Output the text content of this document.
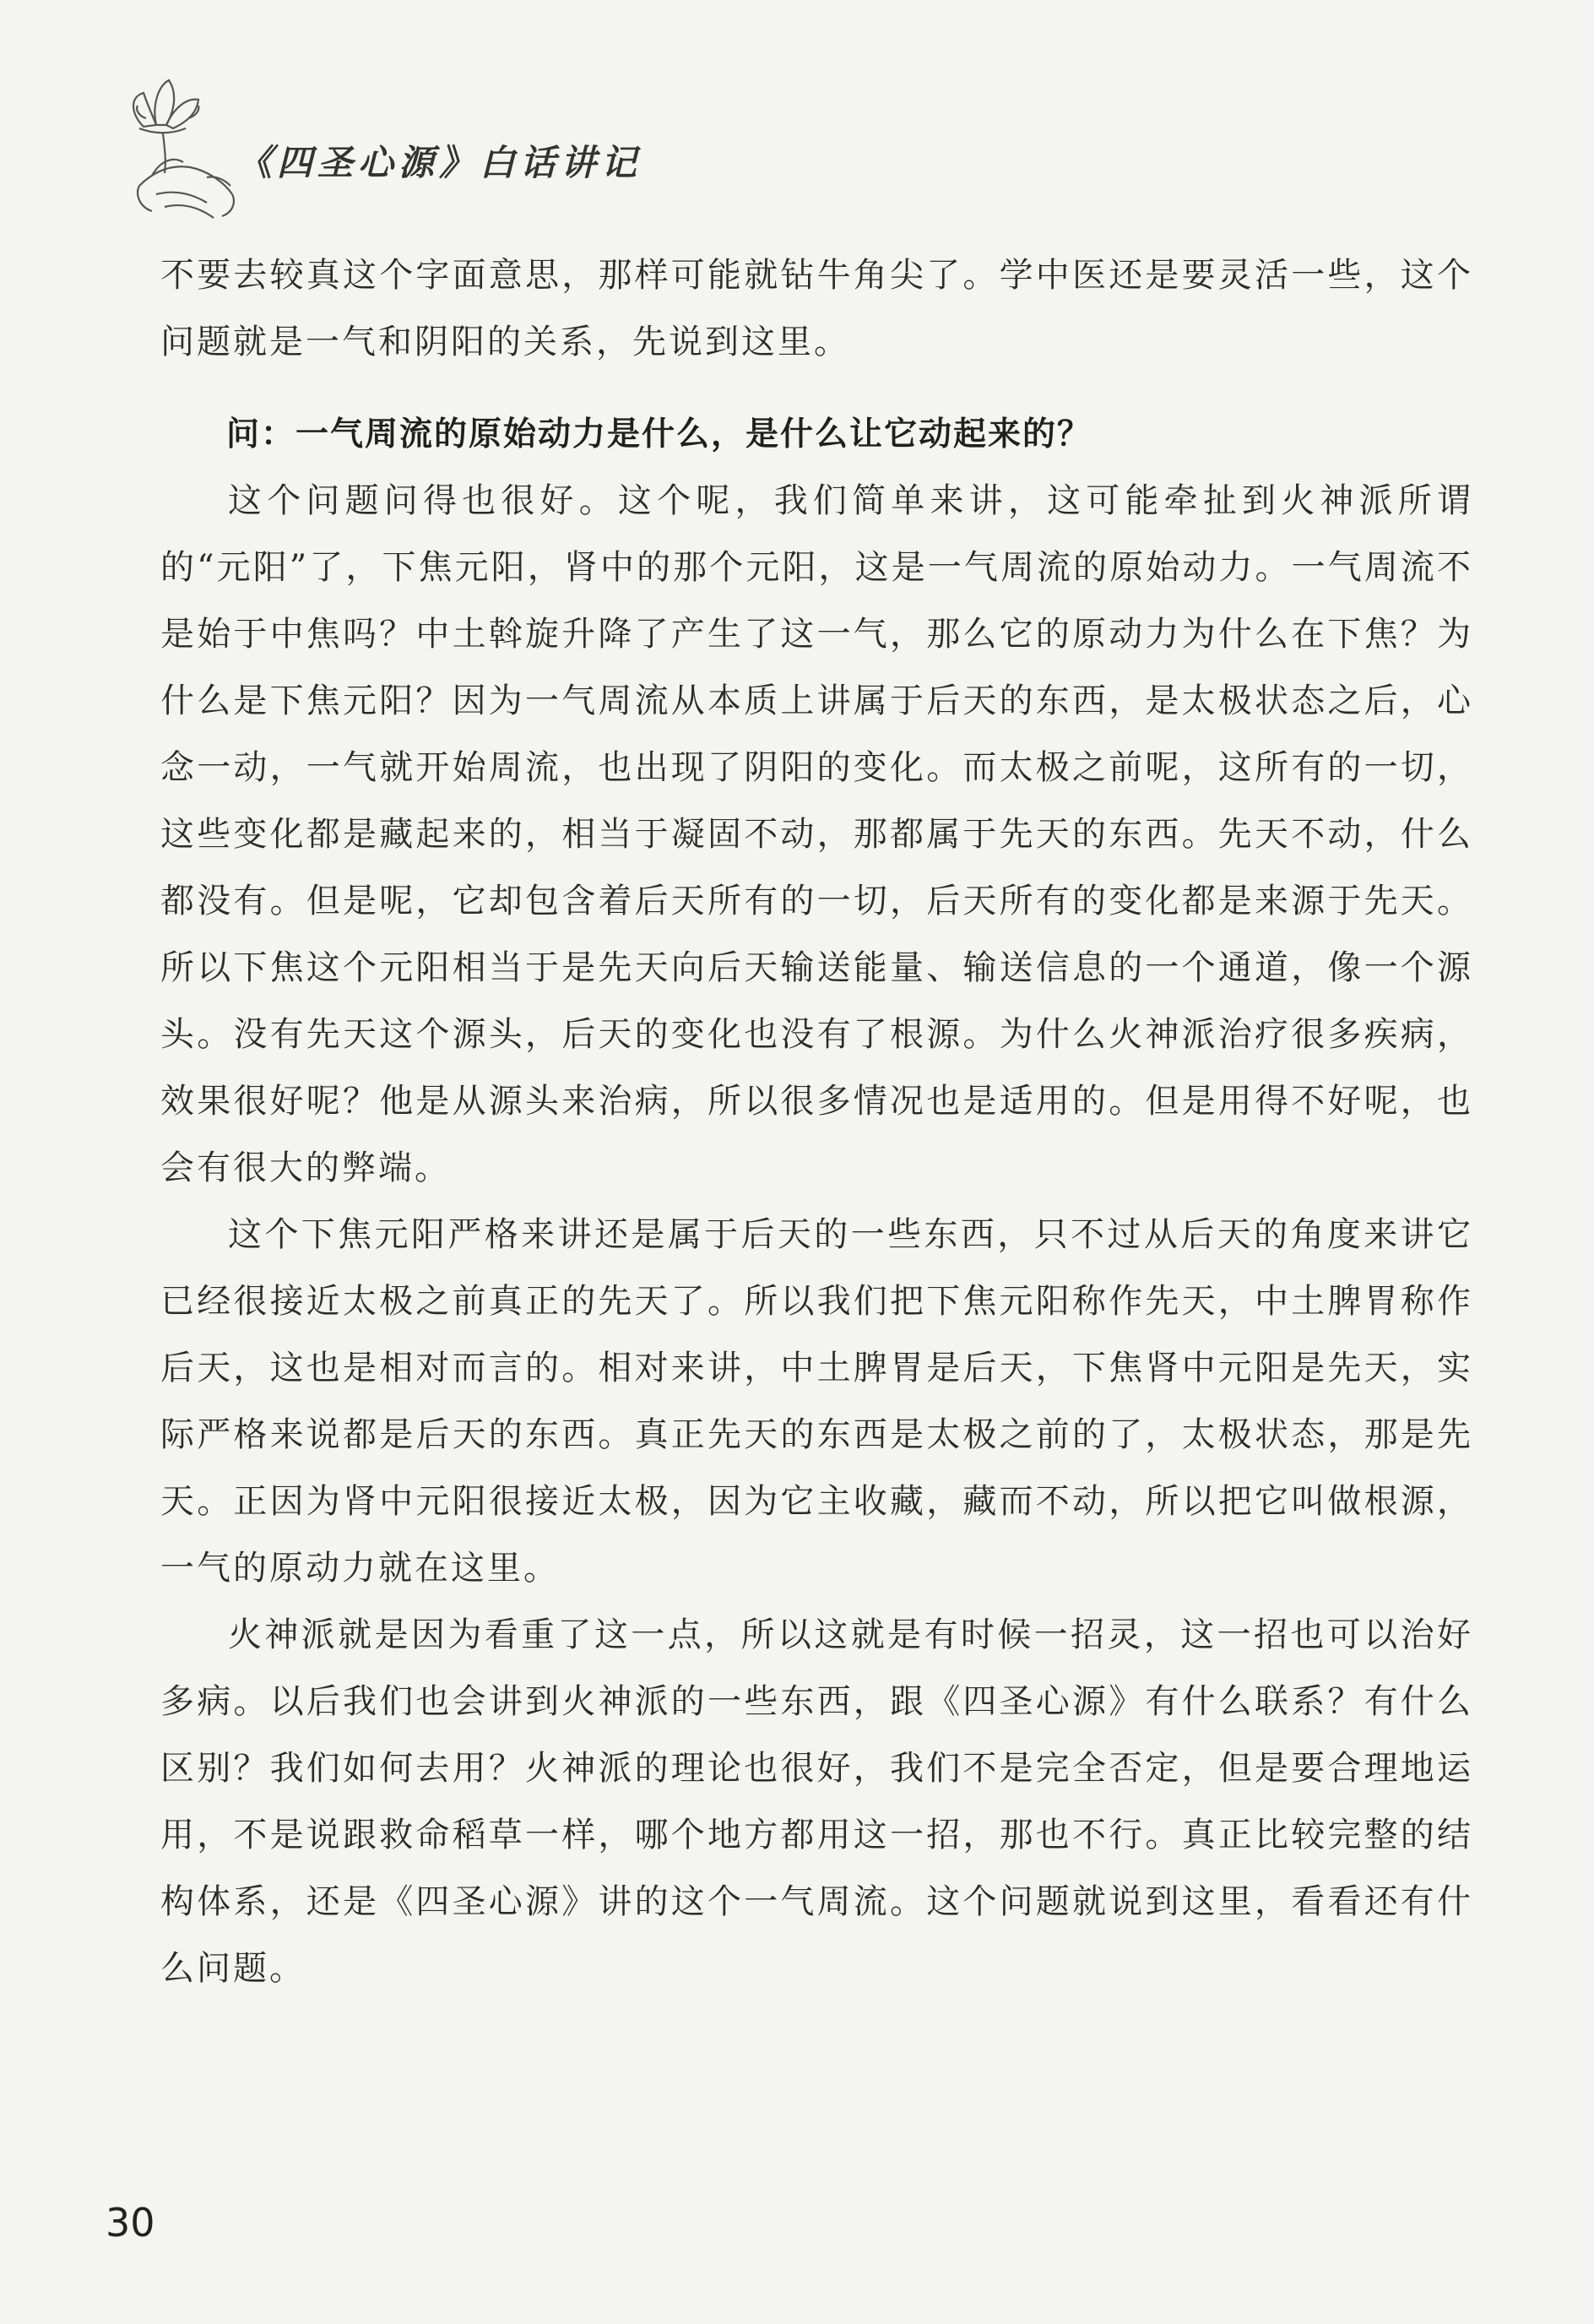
《四圣心源》白话讲记

不要去较真这个字面意思，那样可能就钻牛角尖了。学中医还是要灵活一些，这个问题就是一气和阴阳的关系，先说到这里。

问：一气周流的原始动力是什么，是什么让它动起来的？

这个问题问得也很好。这个呢，我们简单来讲，这可能牵扯到火神派所谓的“元阳”了，下焦元阳，肾中的那个元阳，这是一气周流的原始动力。一气周流不是始于中焦吗？中土斡旋升降了产生了这一气，那么它的原动力为什么在下焦？为什么是下焦元阳？因为一气周流从本质上讲属于后天的东西，是太极状态之后，心念一动，一气就开始周流，也出现了阴阳的变化。而太极之前呢，这所有的一切，这些变化都是藏起来的，相当于凝固不动，那都属于先天的东西。先天不动，什么都没有。但是呢，它却包含着后天所有的一切，后天所有的变化都是来源于先天。所以下焦这个元阳相当于是先天向后天输送能量、输送信息的一个通道，像一个源头。没有先天这个源头，后天的变化也没有了根源。为什么火神派治疗很多疾病，效果很好呢？他是从源头来治病，所以很多情况也是适用的。但是用得不好呢，也会有很大的弊端。

这个下焦元阳严格来讲还是属于后天的一些东西，只不过从后天的角度来讲它已经很接近太极之前真正的先天了。所以我们把下焦元阳称作先天，中土脾胃称作后天，这也是相对而言的。相对来讲，中土脾胃是后天，下焦肾中元阳是先天，实际严格来说都是后天的东西。真正先天的东西是太极之前的了，太极状态，那是先天。正因为肾中元阳很接近太极，因为它主收藏，藏而不动，所以把它叫做根源，一气的原动力就在这里。

火神派就是因为看重了这一点，所以这就是有时候一招灵，这一招也可以治好多病。以后我们也会讲到火神派的一些东西，跟《四圣心源》有什么联系？有什么区别？我们如何去用？火神派的理论也很好，我们不是完全否定，但是要合理地运用，不是说跟救命稻草一样，哪个地方都用这一招，那也不行。真正比较完整的结构体系，还是《四圣心源》讲的这个一气周流。这个问题就说到这里，看看还有什么问题。

30
